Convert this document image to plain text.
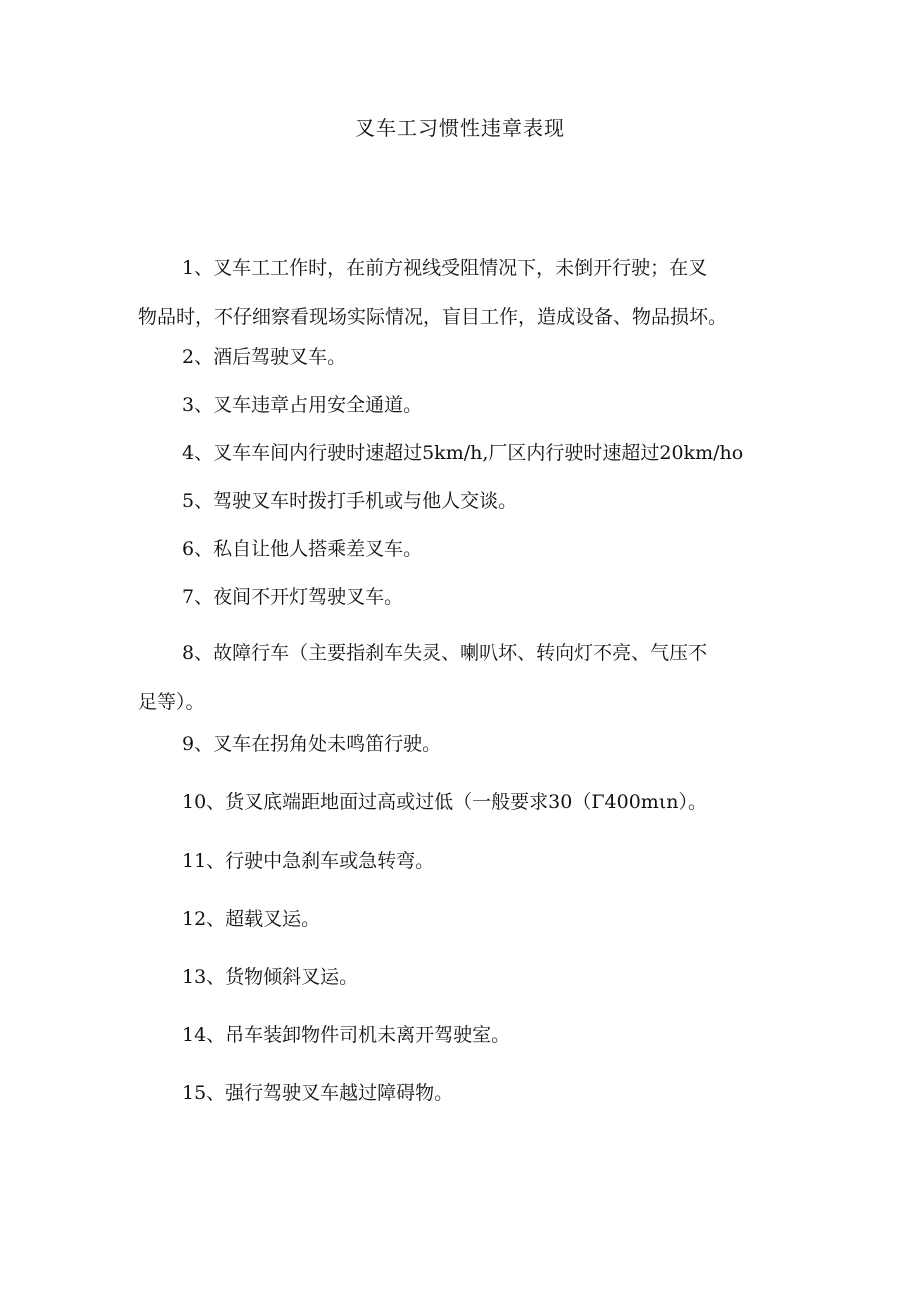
叉车工习惯性违章表现
1、叉车工工作时，在前方视线受阻情况下，未倒开行驶；在叉
物品时，不仔细察看现场实际情况，盲目工作，造成设备、物品损坏。

2、酒后驾驶叉车。

3、叉车违章占用安全通道。

4、叉车车间内行驶时速超过5km∕h,厂区内行驶时速超过20km∕ho

5、驾驶叉车时拨打手机或与他人交谈。

6、私自让他人搭乘差叉车。

7、夜间不开灯驾驶叉车。

8、故障行车（主要指刹车失灵、喇叭坏、转向灯不亮、气压不
足等）。

9、叉车在拐角处未鸣笛行驶。

10、货叉底端距地面过高或过低（一般要求30（Γ400mιn）。

11、行驶中急刹车或急转弯。

12、超载叉运。

13、货物倾斜叉运。

14、吊车装卸物件司机未离开驾驶室。

15、强行驾驶叉车越过障碍物。
